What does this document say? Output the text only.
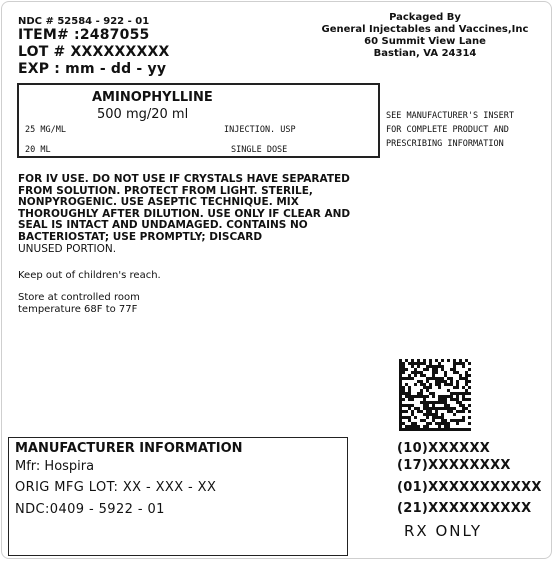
NDC # 52584 - 922 - 01
ITEM# :2487055
LOT # XXXXXXXXX
EXP : mm - dd - yy
Packaged By
General Injectables and Vaccines,Inc
60 Summit View Lane
Bastian, VA 24314
AMINOPHYLLINE
500 mg/20 ml
25 MG/ML	INJECTION. USP
20 ML	SINGLE DOSE
SEE MANUFACTURER'S INSERT
FOR COMPLETE PRODUCT AND
PRESCRIBING INFORMATION
FOR IV USE. DO NOT USE IF CRYSTALS HAVE SEPARATED
FROM SOLUTION. PROTECT FROM LIGHT. STERILE,
NONPYROGENIC. USE ASEPTIC TECHNIQUE. MIX
THOROUGHLY AFTER DILUTION. USE ONLY IF CLEAR AND
SEAL IS INTACT AND UNDAMAGED. CONTAINS NO
BACTERIOSTAT; USE PROMPTLY; DISCARD
UNUSED PORTION.
Keep out of children's reach.
Store at controlled room
temperature 68F to 77F
MANUFACTURER INFORMATION
Mfr: Hospira
ORIG MFG LOT: XX - XXX - XX
NDC:0409 - 5922 - 01
(10)XXXXXX
(17)XXXXXXXX
(01)XXXXXXXXXXX
(21)XXXXXXXXXX
RX ONLY
